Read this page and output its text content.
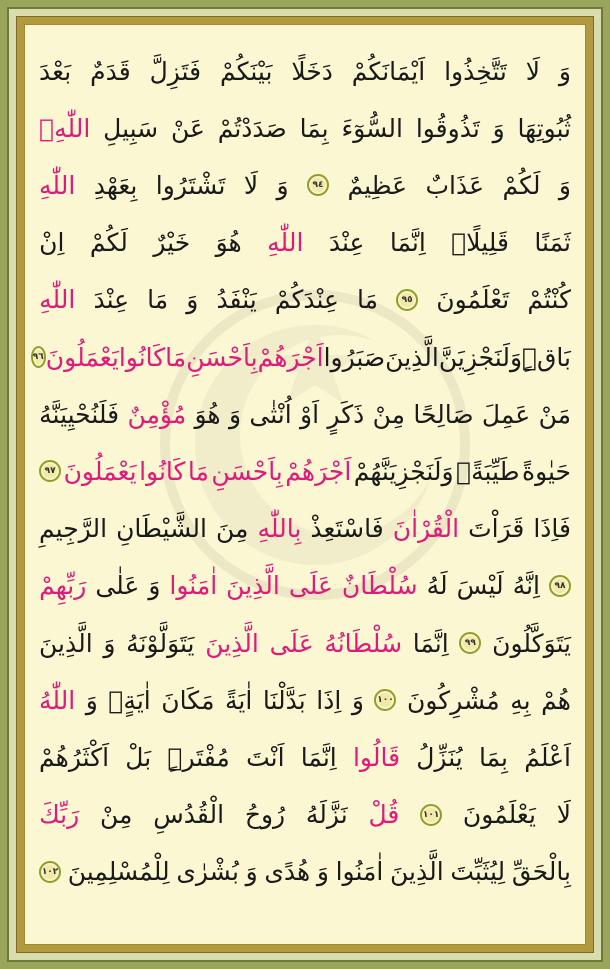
وَ
لَا
تَتَّخِذُوا
اَيْمَانَكُمْ
دَخَلًا
بَيْنَكُمْ
فَتَزِلَّ
قَدَمٌ
بَعْدَ
ثُبُوتِهَا
وَ
تَذُوقُوا
السُّوٓءَ
بِمَا
صَدَدْتُمْ
عَنْ
سَبِيلِ
اللّٰهِۚ
وَ
لَكُمْ
عَذَابٌ
عَظِيمٌ
٩٤
وَ
لَا
تَشْتَرُوا
بِعَهْدِ
اللّٰهِ
ثَمَنًا
قَلِيلًاۜ
اِنَّمَا
عِنْدَ
اللّٰهِ
هُوَ
خَيْرٌ
لَكُمْ
اِنْ
كُنْتُمْ
تَعْلَمُونَ
٩٥
مَا
عِنْدَكُمْ
يَنْفَدُ
وَ
مَا
عِنْدَ
اللّٰهِ
بَاقٍۜ
وَلَنَجْزِيَنَّ
الَّذِينَ
صَبَرُوا
اَجْرَهُمْ
بِاَحْسَنِ
مَا
كَانُوا
يَعْمَلُونَ
٩٦
مَنْ
عَمِلَ
صَالِحًا
مِنْ
ذَكَرٍ
اَوْ
اُنْثٰى
وَ
هُوَ
مُؤْمِنٌ
فَلَنُحْيِيَنَّهُ
حَيٰوةً
طَيِّبَةًۚ
وَلَنَجْزِيَنَّهُمْ
اَجْرَهُمْ
بِاَحْسَنِ
مَا
كَانُوا
يَعْمَلُونَ
٩٧
فَاِذَا
قَرَاْتَ
الْقُرْاٰنَ
فَاسْتَعِذْ
بِاللّٰهِ
مِنَ
الشَّيْطَانِ
الرَّجِيمِ
٩٨
اِنَّهُ
لَيْسَ
لَهُ
سُلْطَانٌ
عَلَى
الَّذِينَ
اٰمَنُوا
وَ
عَلٰى
رَبِّهِمْ
يَتَوَكَّلُونَ
٩٩
اِنَّمَا
سُلْطَانُهُ
عَلَى
الَّذِينَ
يَتَوَلَّوْنَهُ
وَ
الَّذِينَ
هُمْ
بِهِ
مُشْرِكُونَ
١٠٠
وَ
اِذَا
بَدَّلْنَا
اٰيَةً
مَكَانَ
اٰيَةٍۙ
وَ
اللّٰهُ
اَعْلَمُ
بِمَا
يُنَزِّلُ
قَالُوا
اِنَّمَا
اَنْتَ
مُفْتَرٍۜ
بَلْ
اَكْثَرُهُمْ
لَا
يَعْلَمُونَ
١٠١
قُلْ
نَزَّلَهُ
رُوحُ
الْقُدُسِ
مِنْ
رَبِّكَ
بِالْحَقِّ
لِيُثَبِّتَ
الَّذِينَ
اٰمَنُوا
وَ
هُدًى
وَ
بُشْرٰى
لِلْمُسْلِمِينَ
١٠٢
